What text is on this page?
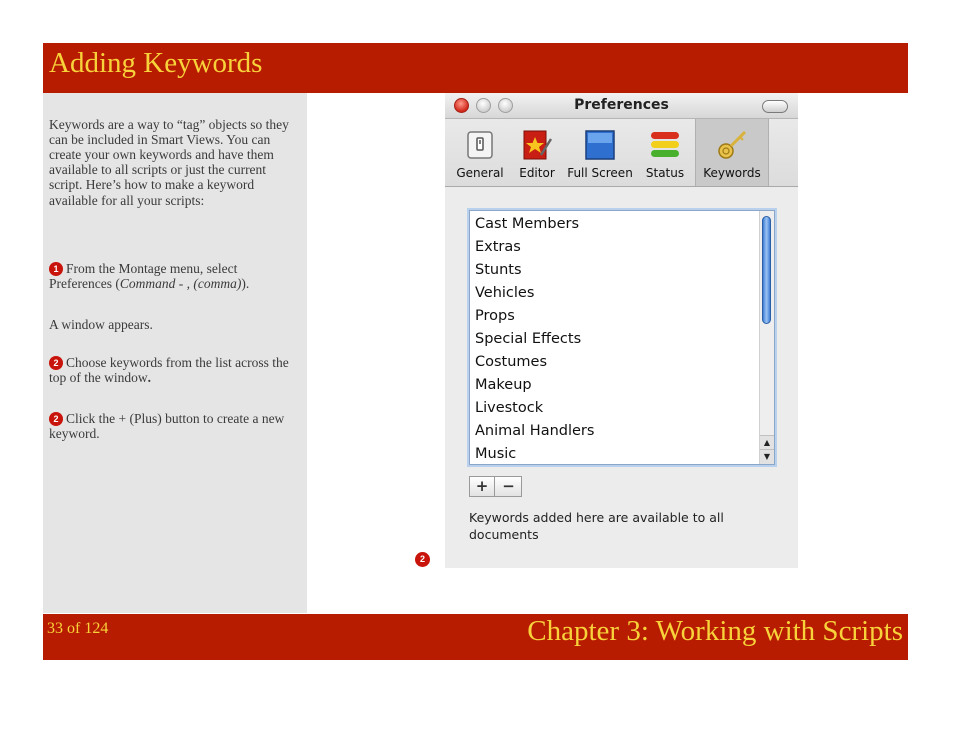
Adding Keywords

Keywords are a way to “tag” objects so they can be included in Smart Views. You can create your own keywords and have them available to all scripts or just the current script. Here’s how to make a keyword available for all your scripts:

1 From the Montage menu, select Preferences (Command - , (comma)).

A window appears.

2 Choose keywords from the list across the top of the window.

2 Click the + (Plus) button to create a new keyword.

Preferences
General	Editor	Full Screen	Status	Keywords
Cast Members
Extras
Stunts
Vehicles
Props
Special Effects
Costumes
Makeup
Livestock
Animal Handlers
Music
▲
▼
+ −
Keywords added here are available to all documents
2
33 of 124	Chapter 3: Working with Scripts
